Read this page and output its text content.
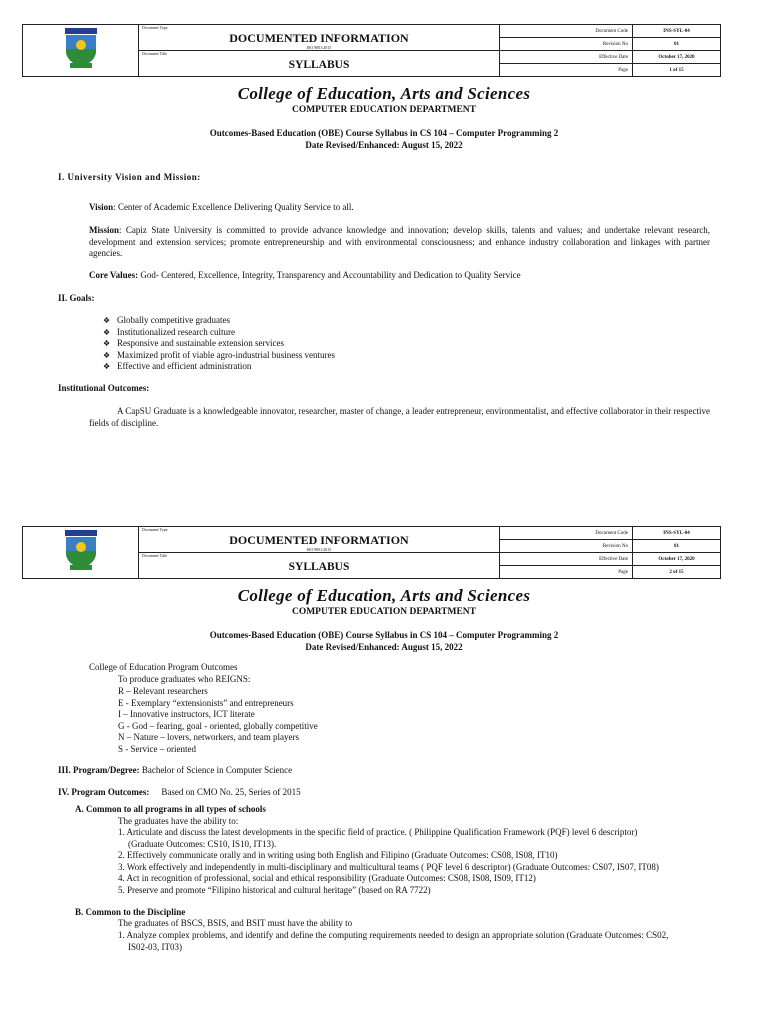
Document Type
DOCUMENTED INFORMATION
ISO 9001:2015	Document Code	INS-SYL-04
		Revision No	01

	Document Title
SYLLABUS	Effective Date	October 17, 2020
		Page	1 of 15
College of Education, Arts and Sciences
COMPUTER EDUCATION DEPARTMENT
Outcomes-Based Education (OBE) Course Syllabus in CS 104 – Computer Programming 2
Date Revised/Enhanced: August 15, 2022
I. University Vision and Mission:
Vision: Center of Academic Excellence Delivering Quality Service to all.
Mission: Capiz State University is committed to provide advance knowledge and innovation; develop skills, talents and values; and undertake relevant research, development and extension services; promote entrepreneurship and with environmental consciousness; and enhance industry collaboration and linkages with partner agencies.
Core Values: God- Centered, Excellence, Integrity, Transparency and Accountability and Dedication to Quality Service
II. Goals:
❖ Globally competitive graduates
❖ Institutionalized research culture
❖ Responsive and sustainable extension services
❖ Maximized profit of viable agro-industrial business ventures
❖ Effective and efficient administration
Institutional Outcomes:
A CapSU Graduate is a knowledgeable innovator, researcher, master of change, a leader entrepreneur, environmentalist, and effective collaborator in their respective fields of discipline.

Document Type
DOCUMENTED INFORMATION
ISO 9001:2015	Document Code	INS-SYL-04
		Revision No	01

	Document Title
SYLLABUS	Effective Date	October 17, 2020
		Page	2 of 15
College of Education, Arts and Sciences
COMPUTER EDUCATION DEPARTMENT
Outcomes-Based Education (OBE) Course Syllabus in CS 104 – Computer Programming 2
Date Revised/Enhanced: August 15, 2022
College of Education Program Outcomes
To produce graduates who REIGNS:
R – Relevant researchers
E - Exemplary “extensionists” and entrepreneurs
I – Innovative instructors, ICT literate
G - God – fearing, goal - oriented, globally competitive
N – Nature – lovers, networkers, and team players
S - Service – oriented
III. Program/Degree: Bachelor of Science in Computer Science
IV. Program Outcomes: Based on CMO No. 25, Series of 2015
A. Common to all programs in all types of schools
The graduates have the ability to:
1. Articulate and discuss the latest developments in the specific field of practice. ( Philippine Qualification Framework (PQF) level 6 descriptor)
(Graduate Outcomes: CS10, IS10, IT13).
2. Effectively communicate orally and in writing using both English and Filipino (Graduate Outcomes: CS08, IS08, IT10)
3. Work effectively and independently in multi-disciplinary and multicultural teams ( PQF level 6 descriptor) (Graduate Outcomes: CS07, IS07, IT08)
4. Act in recognition of professional, social and ethical responsibility (Graduate Outcomes: CS08, IS08, IS09, IT12)
5. Preserve and promote “Filipino historical and cultural heritage” (based on RA 7722)
B. Common to the Discipline
The graduates of BSCS, BSIS, and BSIT must have the ability to
1. Analyze complex problems, and identify and define the computing requirements needed to design an appropriate solution (Graduate Outcomes: CS02,
IS02-03, IT03)
